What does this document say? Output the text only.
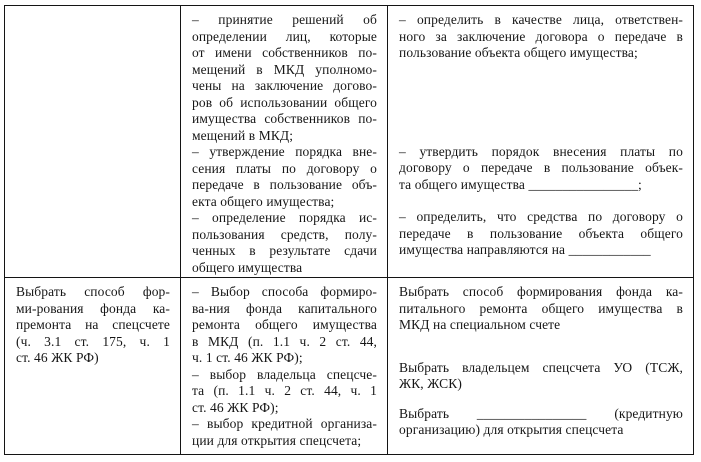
– принятие решений об
определении лиц, которые
от имени собственников по-
мещений в МКД уполномо-
чены на заключение догово-
ров об использовании общего
имущества собственников по-
мещений в МКД;
– утверждение порядка вне-
сения платы по договору о
передаче в пользование объ-
екта общего имущества;
– определение порядка ис-
пользования средств, полу-
ченных в результате сдачи
общего имущества
– определить в качестве лица, ответствен-
ного за заключение договора о передаче в
пользование объекта общего имущества;
– утвердить порядок внесения платы по
договору о передаче в пользование объек-
та общего имущества ________________;
– определить, что средства по договору о
передаче в пользование объекта общего
имущества направляются на ____________
Выбрать способ фор-
ми-рования фонда ка-
премонта на спецсчете
(ч. 3.1 ст. 175, ч. 1
ст. 46 ЖК РФ)
– Выбор способа формиро-
ва-ния фонда капитального
ремонта общего имущества
в МКД (п. 1.1 ч. 2 ст. 44,
ч. 1 ст. 46 ЖК РФ);
– выбор владельца спецсче-
та (п. 1.1 ч. 2 ст. 44, ч. 1
ст. 46 ЖК РФ);
– выбор кредитной организа-
ции для открытия спецсчета;
Выбрать способ формирования фонда ка-
питального ремонта общего имущества в
МКД на специальном счете
Выбрать владельцем спецсчета УО (ТСЖ,
ЖК, ЖСК)
Выбрать ________________ (кредитную
организацию) для открытия спецсчета
